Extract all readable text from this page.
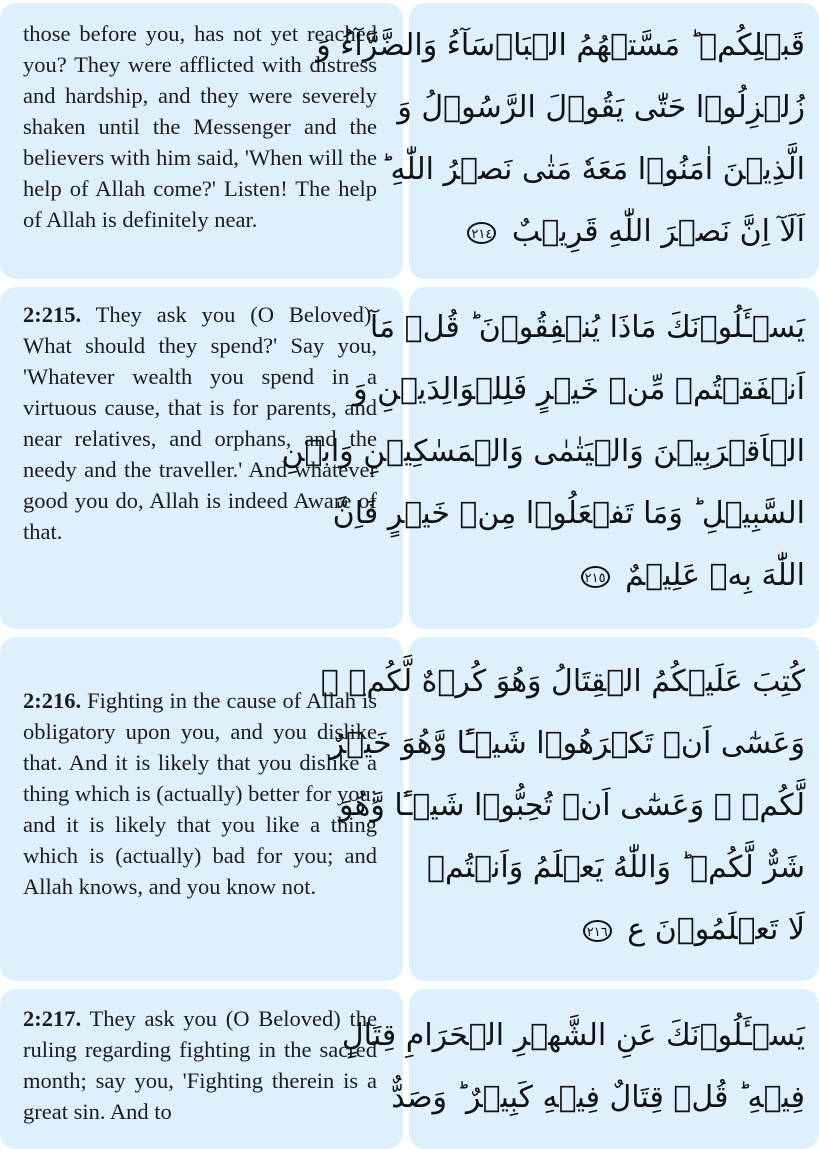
those before you, has not yet reached you? They were afflicted with distress and hardship, and they were severely shaken until the Messenger and the believers with him said, 'When will the help of Allah come?' Listen! The help of Allah is definitely near.

قَبۡلِكُمۡ ؕ مَسَّتۡهُمُ الۡبَاۡسَآءُ وَالضَّرَّآءُ وَ
زُلۡزِلُوۡا حَتّٰى يَقُوۡلَ الرَّسُوۡلُ وَ
الَّذِيۡنَ اٰمَنُوۡا مَعَهٗ مَتٰى نَصۡرُ اللّٰهِ ؕ
اَلَآ اِنَّ نَصۡرَ اللّٰهِ قَرِيۡبٌ ٢١٤

2:215. They ask you (O Beloved), What should they spend?' Say you, 'Whatever wealth you spend in a virtuous cause, that is for parents, and near relatives, and orphans, and the needy and the traveller.' And whatever good you do, Allah is indeed Aware of that.

يَسۡـَٔلُوۡنَكَ مَاذَا يُنۡفِقُوۡنَ ؕ قُلۡ مَآ
اَنۡفَقۡتُمۡ مِّنۡ خَيۡرٍ فَلِلۡوَالِدَيۡنِ وَ
الۡاَقۡرَبِيۡنَ وَالۡيَتٰمٰى وَالۡمَسٰكِيۡنِ وَابۡنِ
السَّبِيۡلِ ؕ وَمَا تَفۡعَلُوۡا مِنۡ خَيۡرٍ فَاِنَّ
اللّٰهَ بِهٖ عَلِيۡمٌ ٢١٥

2:216. Fighting in the cause of Allah is obligatory upon you, and you dislike that. And it is likely that you dislike a thing which is (actually) better for you; and it is likely that you like a thing which is (actually) bad for you; and Allah knows, and you know not.

كُتِبَ عَلَيۡكُمُ الۡقِتَالُ وَهُوَ كُرۡهٌ لَّكُمۡ ۚ
وَعَسٰٓى اَنۡ تَكۡرَهُوۡا شَيۡـًٔا وَّهُوَ خَيۡرٌ
لَّكُمۡ ۚ وَعَسٰٓى اَنۡ تُحِبُّوۡا شَيۡـًٔا وَّهُوَ
شَرٌّ لَّكُمۡ ؕ وَاللّٰهُ يَعۡلَمُ وَاَنۡتُمۡ
لَا تَعۡلَمُوۡنَ ع ٢١٦

2:217. They ask you (O Beloved) the ruling regarding fighting in the sacred month; say you, 'Fighting therein is a great sin. And to

يَسۡـَٔلُوۡنَكَ عَنِ الشَّهۡرِ الۡحَرَامِ قِتَالٍ
فِيۡهِ ؕ قُلۡ قِتَالٌ فِيۡهِ كَبِيۡرٌ ؕ وَصَدٌّ
